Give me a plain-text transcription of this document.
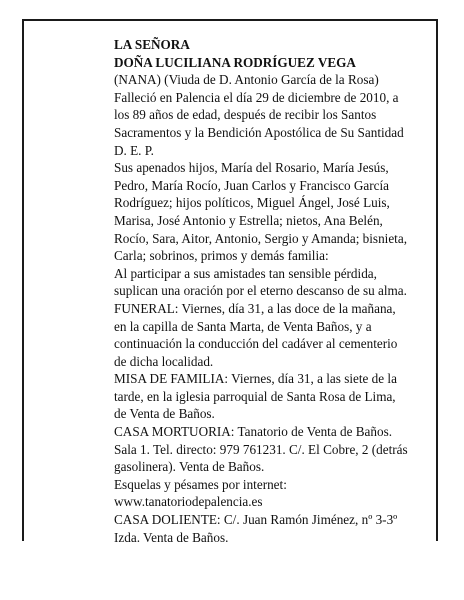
LA SEÑORA
DOÑA LUCILIANA RODRÍGUEZ VEGA
(NANA) (Viuda de D. Antonio García de la Rosa)
Falleció en Palencia el día 29 de diciembre de 2010, a
los 89 años de edad, después de recibir los Santos
Sacramentos y la Bendición Apostólica de Su Santidad
D. E. P.
Sus apenados hijos, María del Rosario, María Jesús,
Pedro, María Rocío, Juan Carlos y Francisco García
Rodríguez; hijos políticos, Miguel Ángel, José Luis,
Marisa, José Antonio y Estrella; nietos, Ana Belén,
Rocío, Sara, Aitor, Antonio, Sergio y Amanda; bisnieta,
Carla; sobrinos, primos y demás familia:
Al participar a sus amistades tan sensible pérdida,
suplican una oración por el eterno descanso de su alma.
FUNERAL: Viernes, día 31, a las doce de la mañana,
en la capilla de Santa Marta, de Venta Baños, y a
continuación la conducción del cadáver al cementerio
de dicha localidad.
MISA DE FAMILIA: Viernes, día 31, a las siete de la
tarde, en la iglesia parroquial de Santa Rosa de Lima,
de Venta de Baños.
CASA MORTUORIA: Tanatorio de Venta de Baños.
Sala 1. Tel. directo: 979 761231. C/. El Cobre, 2 (detrás
gasolinera). Venta de Baños.
Esquelas y pésames por internet:
www.tanatoriodepalencia.es
CASA DOLIENTE: C/. Juan Ramón Jiménez, nº 3-3º
Izda. Venta de Baños.
